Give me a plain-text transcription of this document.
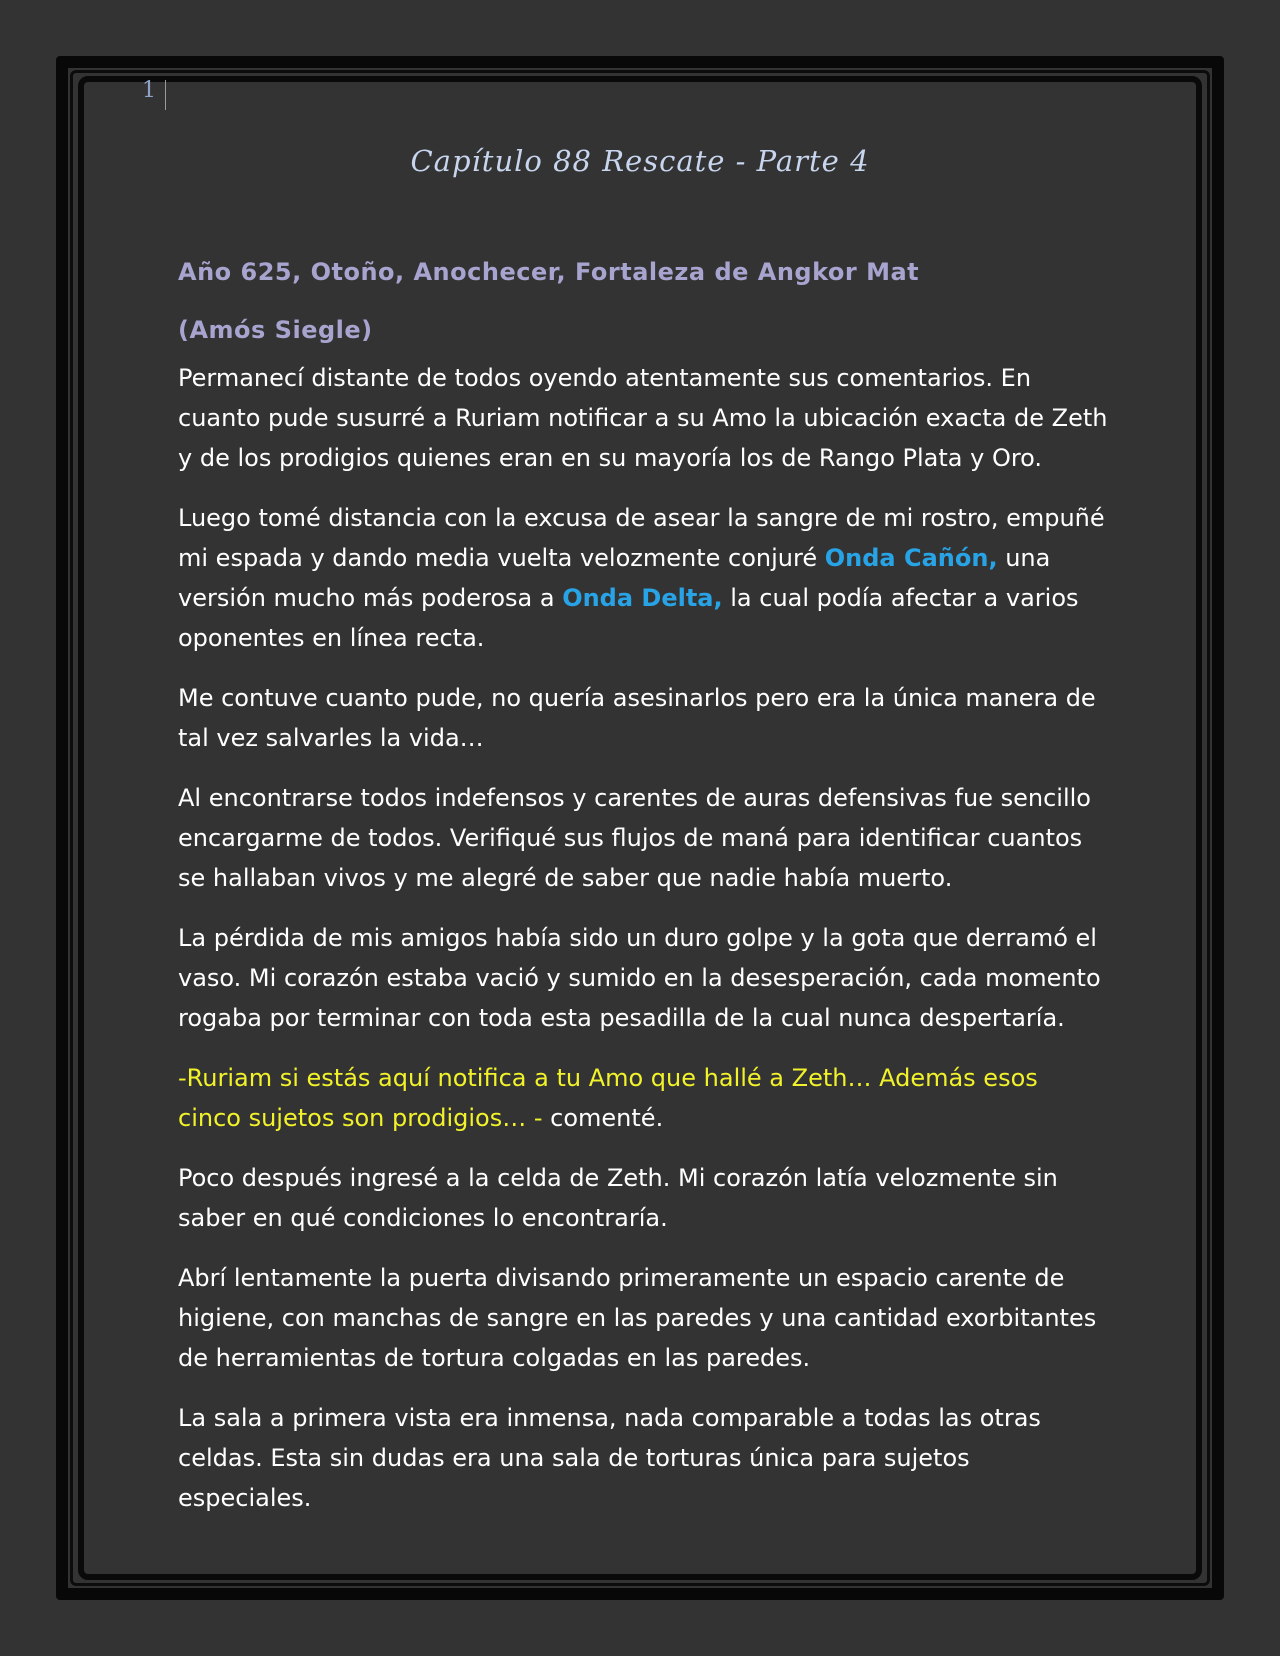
1
Capítulo 88 Rescate - Parte 4

Año 625, Otoño, Anochecer, Fortaleza de Angkor Mat

(Amós Siegle)

Permanecí distante de todos oyendo atentamente sus comentarios. En cuanto pude susurré a Ruriam notificar a su Amo la ubicación exacta de Zeth y de los prodigios quienes eran en su mayoría los de Rango Plata y Oro.

Luego tomé distancia con la excusa de asear la sangre de mi rostro, empuñé mi espada y dando media vuelta velozmente conjuré Onda Cañón, una versión mucho más poderosa a Onda Delta, la cual podía afectar a varios oponentes en línea recta.

Me contuve cuanto pude, no quería asesinarlos pero era la única manera de tal vez salvarles la vida…

Al encontrarse todos indefensos y carentes de auras defensivas fue sencillo encargarme de todos. Verifiqué sus flujos de maná para identificar cuantos se hallaban vivos y me alegré de saber que nadie había muerto.

La pérdida de mis amigos había sido un duro golpe y la gota que derramó el vaso. Mi corazón estaba vació y sumido en la desesperación, cada momento rogaba por terminar con toda esta pesadilla de la cual nunca despertaría.

-Ruriam si estás aquí notifica a tu Amo que hallé a Zeth… Además esos cinco sujetos son prodigios… - comenté.

Poco después ingresé a la celda de Zeth. Mi corazón latía velozmente sin saber en qué condiciones lo encontraría.

Abrí lentamente la puerta divisando primeramente un espacio carente de higiene, con manchas de sangre en las paredes y una cantidad exorbitantes de herramientas de tortura colgadas en las paredes.

La sala a primera vista era inmensa, nada comparable a todas las otras celdas. Esta sin dudas era una sala de torturas única para sujetos especiales.
